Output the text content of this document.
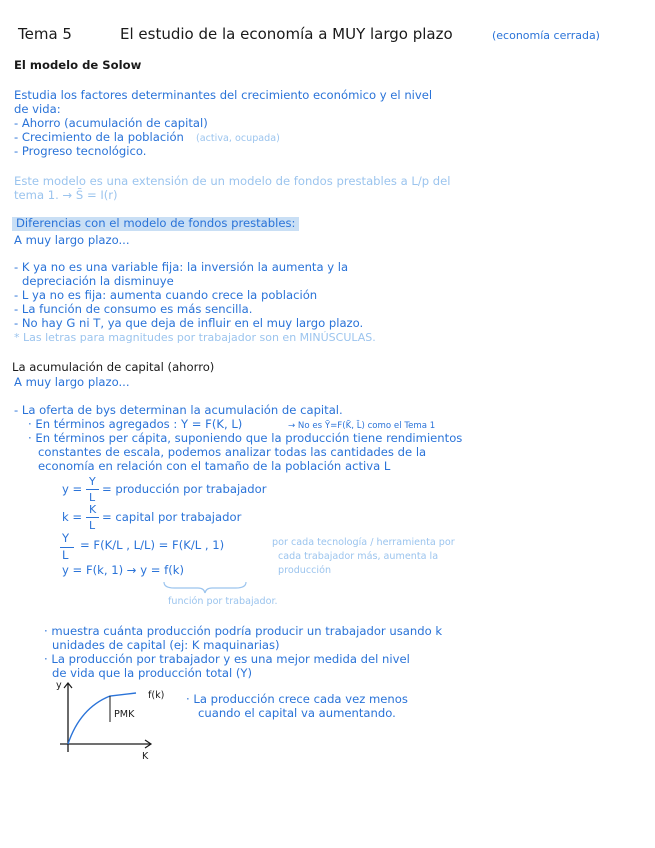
Tema 5	El estudio de la economía a MUY largo plazo	(economía cerrada)
El modelo de Solow
Estudia los factores determinantes del crecimiento económico y el nivel
de vida:
- Ahorro (acumulación de capital)
- Crecimiento de la población (activa, ocupada)
- Progreso tecnológico.
Este modelo es una extensión de un modelo de fondos prestables a L/p del
tema 1. → S̄ = I(r)
Diferencias con el modelo de fondos prestables:
A muy largo plazo...
- K ya no es una variable fija: la inversión la aumenta y la
depreciación la disminuye
- L ya no es fija: aumenta cuando crece la población
- La función de consumo es más sencilla.
- No hay G ni T, ya que deja de influir en el muy largo plazo.
* Las letras para magnitudes por trabajador son en MINÚSCULAS.
La acumulación de capital (ahorro)
A muy largo plazo...
- La oferta de bys determinan la acumulación de capital.
· En términos agregados : Y = F(K, L)	→ No es Ȳ=F(K̄, L̄) como el Tema 1
· En términos per cápita, suponiendo que la producción tiene rendimientos
constantes de escala, podemos analizar todas las cantidades de la
economía en relación con el tamaño de la población activa L
y =
Y
L
= producción por trabajador
k =
K
L
= capital por trabajador
Y
L
= F(K/L , L/L) = F(K/L , 1)	por cada tecnología / herramienta por
cada trabajador más, aumenta la
producción
y = F(k, 1) → y = f(k)
función por trabajador.
· muestra cuánta producción podría producir un trabajador usando k
unidades de capital (ej: K maquinarias)
· La producción por trabajador y es una mejor medida del nivel
de vida que la producción total (Y)
y
K
f(k)
PMK
· La producción crece cada vez menos
cuando el capital va aumentando.
